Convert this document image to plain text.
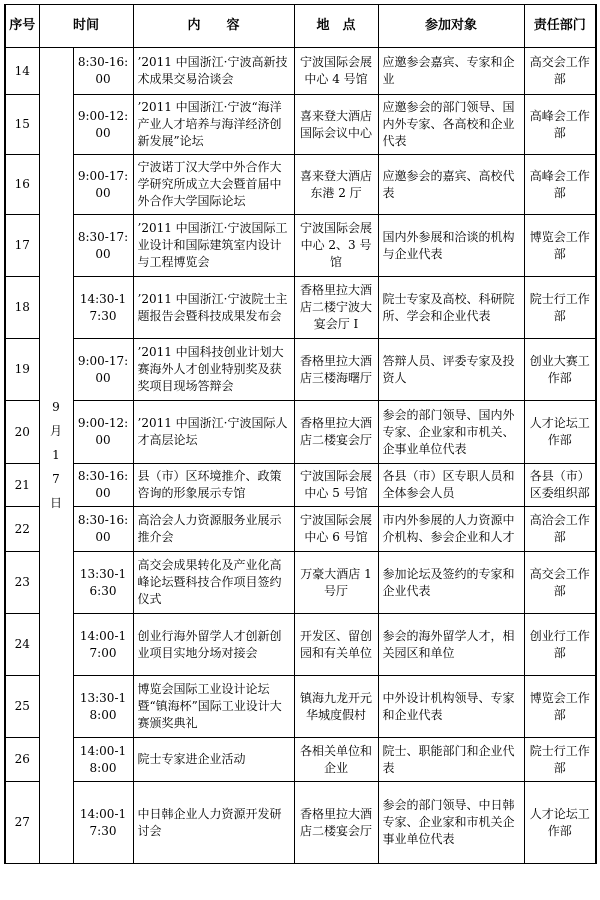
序号	时间		内　　容	地　点	参加对象	责任部门
14	9月17日	8:30-16:00	’2011 中国浙江·宁波高新技术成果交易洽谈会	宁波国际会展中心 4 号馆	应邀参会嘉宾、专家和企业	高交会工作部
15		9:00-12:00	’2011 中国浙江·宁波“海洋产业人才培养与海洋经济创新发展”论坛	喜来登大酒店国际会议中心	应邀参会的部门领导、国内外专家、各高校和企业代表	高峰会工作部
16		9:00-17:00	宁波诺丁汉大学中外合作大学研究所成立大会暨首届中外合作大学国际论坛	喜来登大酒店东港 2 厅	应邀参会的嘉宾、高校代表	高峰会工作部
17		8:30-17:00	’2011 中国浙江·宁波国际工业设计和国际建筑室内设计与工程博览会	宁波国际会展中心 2、3 号馆	国内外参展和洽谈的机构与企业代表	博览会工作部
18		14:30-17:30	’2011 中国浙江·宁波院士主题报告会暨科技成果发布会	香格里拉大酒店二楼宁波大宴会厅 I	院士专家及高校、科研院所、学会和企业代表	院士行工作部
19		9:00-17:00	’2011 中国科技创业计划大赛海外人才创业特别奖及获奖项目现场答辩会	香格里拉大酒店三楼海曙厅	答辩人员、评委专家及投资人	创业大赛工作部
20		9:00-12:00	’2011 中国浙江·宁波国际人才高层论坛	香格里拉大酒店二楼宴会厅	参会的部门领导、国内外专家、企业家和市机关、企事业单位代表	人才论坛工作部
21		8:30-16:00	县（市）区环境推介、政策咨询的形象展示专馆	宁波国际会展中心 5 号馆	各县（市）区专职人员和全体参会人员	各县（市）区委组织部
22		8:30-16:00	高洽会人力资源服务业展示推介会	宁波国际会展中心 6 号馆	市内外参展的人力资源中介机构、参会企业和人才	高洽会工作部
23		13:30-16:30	高交会成果转化及产业化高峰论坛暨科技合作项目签约仪式	万豪大酒店 1 号厅	参加论坛及签约的专家和企业代表	高交会工作部
24		14:00-17:00	创业行海外留学人才创新创业项目实地分场对接会	开发区、留创园和有关单位	参会的海外留学人才，相关园区和单位	创业行工作部
25		13:30-18:00	博览会国际工业设计论坛暨“镇海杯”国际工业设计大赛颁奖典礼	镇海九龙开元华城度假村	中外设计机构领导、专家和企业代表	博览会工作部
26		14:00-18:00	院士专家进企业活动	各相关单位和企业	院士、职能部门和企业代表	院士行工作部
27		14:00-17:30	中日韩企业人力资源开发研讨会	香格里拉大酒店二楼宴会厅	参会的部门领导、中日韩专家、企业家和市机关企事业单位代表	人才论坛工作部
